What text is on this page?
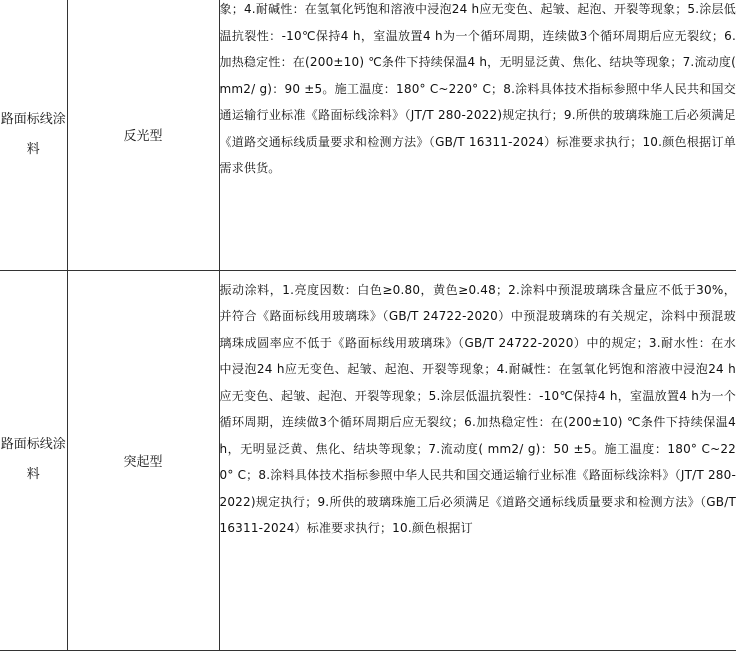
路面标线涂料	反光型	象；4.耐碱性：在氢氧化钙饱和溶液中浸泡24 h应无变色、起皱、起泡、开裂等现象；5.涂层低温抗裂性：-10℃保持4 h，室温放置4 h为一个循环周期，连续做3个循环周期后应无裂纹；6.加热稳定性：在(200±10) ℃条件下持续保温4 h，无明显泛黄、焦化、结块等现象；7.流动度( mm2/ g)：90 ±5。施工温度：180° C~220° C；8.涂料具体技术指标参照中华人民共和国交通运输行业标准《路面标线涂料》（JT/T 280-2022)规定执行；9.所供的玻璃珠施工后必须满足《道路交通标线质量要求和检测方法》（GB/T 16311-2024）标准要求执行；10.颜色根据订单需求供货。

路面标线涂料	突起型	振动涂料，1.亮度因数：白色≥0.80，黄色≥0.48；2.涂料中预混玻璃珠含量应不低于30%，并符合《路面标线用玻璃珠》（GB/T 24722-2020）中预混玻璃珠的有关规定，涂料中预混玻璃珠成圆率应不低于《路面标线用玻璃珠》（GB/T 24722-2020）中的规定；3.耐水性：在水中浸泡24 h应无变色、起皱、起泡、开裂等现象；4.耐碱性：在氢氧化钙饱和溶液中浸泡24 h应无变色、起皱、起泡、开裂等现象；5.涂层低温抗裂性：-10℃保持4 h，室温放置4 h为一个循环周期，连续做3个循环周期后应无裂纹；6.加热稳定性：在(200±10) ℃条件下持续保温4 h，无明显泛黄、焦化、结块等现象；7.流动度( mm2/ g)：50 ±5。施工温度：180° C~220° C；8.涂料具体技术指标参照中华人民共和国交通运输行业标准《路面标线涂料》（JT/T 280-2022)规定执行；9.所供的玻璃珠施工后必须满足《道路交通标线质量要求和检测方法》（GB/T 16311-2024）标准要求执行；10.颜色根据订
